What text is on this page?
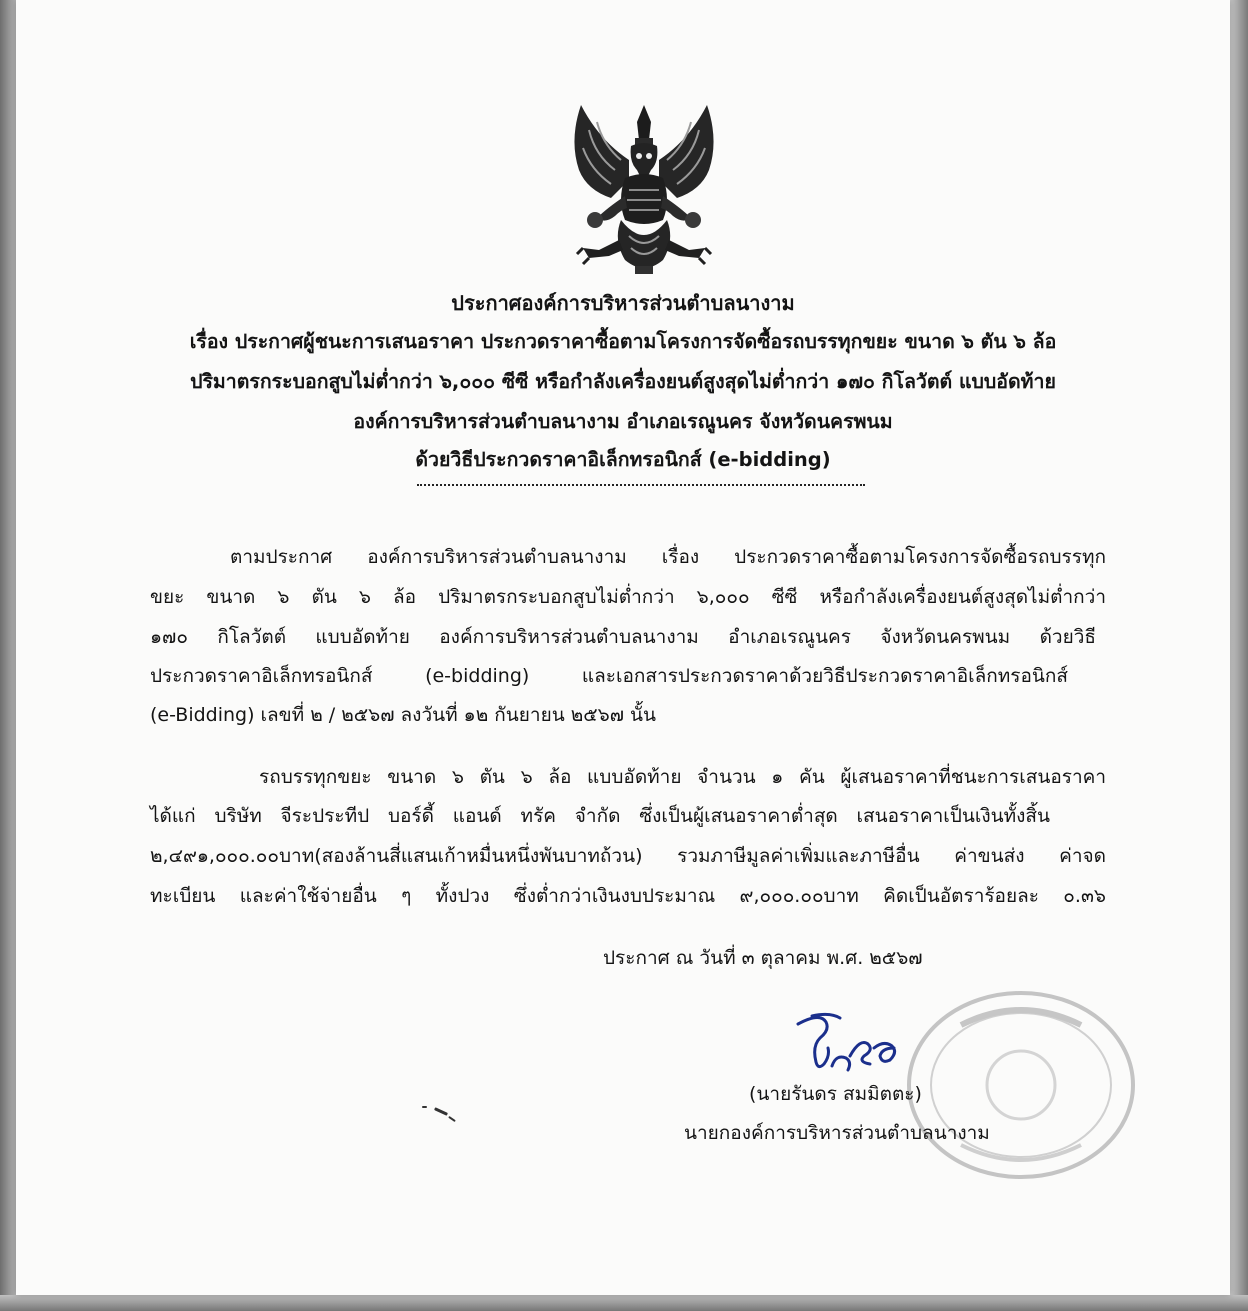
ประกาศองค์การบริหารส่วนตำบลนางาม
เรื่อง ประกาศผู้ชนะการเสนอราคา ประกวดราคาซื้อตามโครงการจัดซื้อรถบรรทุกขยะ ขนาด ๖ ตัน ๖ ล้อ
ปริมาตรกระบอกสูบไม่ต่ำกว่า ๖,๐๐๐ ซีซี หรือกำลังเครื่องยนต์สูงสุดไม่ต่ำกว่า ๑๗๐ กิโลวัตต์ แบบอัดท้าย
องค์การบริหารส่วนตำบลนางาม อำเภอเรณูนคร จังหวัดนครพนม
ด้วยวิธีประกวดราคาอิเล็กทรอนิกส์ (e-bidding)
ตามประกาศ องค์การบริหารส่วนตำบลนางาม เรื่อง ประกวดราคาซื้อตามโครงการจัดซื้อรถบรรทุก
ขยะ ขนาด ๖ ตัน ๖ ล้อ ปริมาตรกระบอกสูบไม่ต่ำกว่า ๖,๐๐๐ ซีซี หรือกำลังเครื่องยนต์สูงสุดไม่ต่ำกว่า
๑๗๐ กิโลวัตต์ แบบอัดท้าย องค์การบริหารส่วนตำบลนางาม อำเภอเรณูนคร จังหวัดนครพนม ด้วยวิธี
ประกวดราคาอิเล็กทรอนิกส์ (e-bidding) และเอกสารประกวดราคาด้วยวิธีประกวดราคาอิเล็กทรอนิกส์
(e-Bidding) เลขที่ ๒ / ๒๕๖๗ ลงวันที่ ๑๒ กันยายน ๒๕๖๗ นั้น
รถบรรทุกขยะ ขนาด ๖ ตัน ๖ ล้อ แบบอัดท้าย จำนวน ๑ คัน ผู้เสนอราคาที่ชนะการเสนอราคา
ได้แก่ บริษัท จีระประทีป บอร์ดี้ แอนด์ ทรัค จำกัด ซึ่งเป็นผู้เสนอราคาต่ำสุด เสนอราคาเป็นเงินทั้งสิ้น
๒,๔๙๑,๐๐๐.๐๐บาท(สองล้านสี่แสนเก้าหมื่นหนึ่งพันบาทถ้วน) รวมภาษีมูลค่าเพิ่มและภาษีอื่น ค่าขนส่ง ค่าจด
ทะเบียน และค่าใช้จ่ายอื่น ๆ ทั้งปวง ซึ่งต่ำกว่าเงินงบประมาณ ๙,๐๐๐.๐๐บาท คิดเป็นอัตราร้อยละ ๐.๓๖
ประกาศ ณ วันที่ ๓ ตุลาคม พ.ศ. ๒๕๖๗
(นายรันดร สมมิตตะ)
นายกองค์การบริหารส่วนตำบลนางาม
